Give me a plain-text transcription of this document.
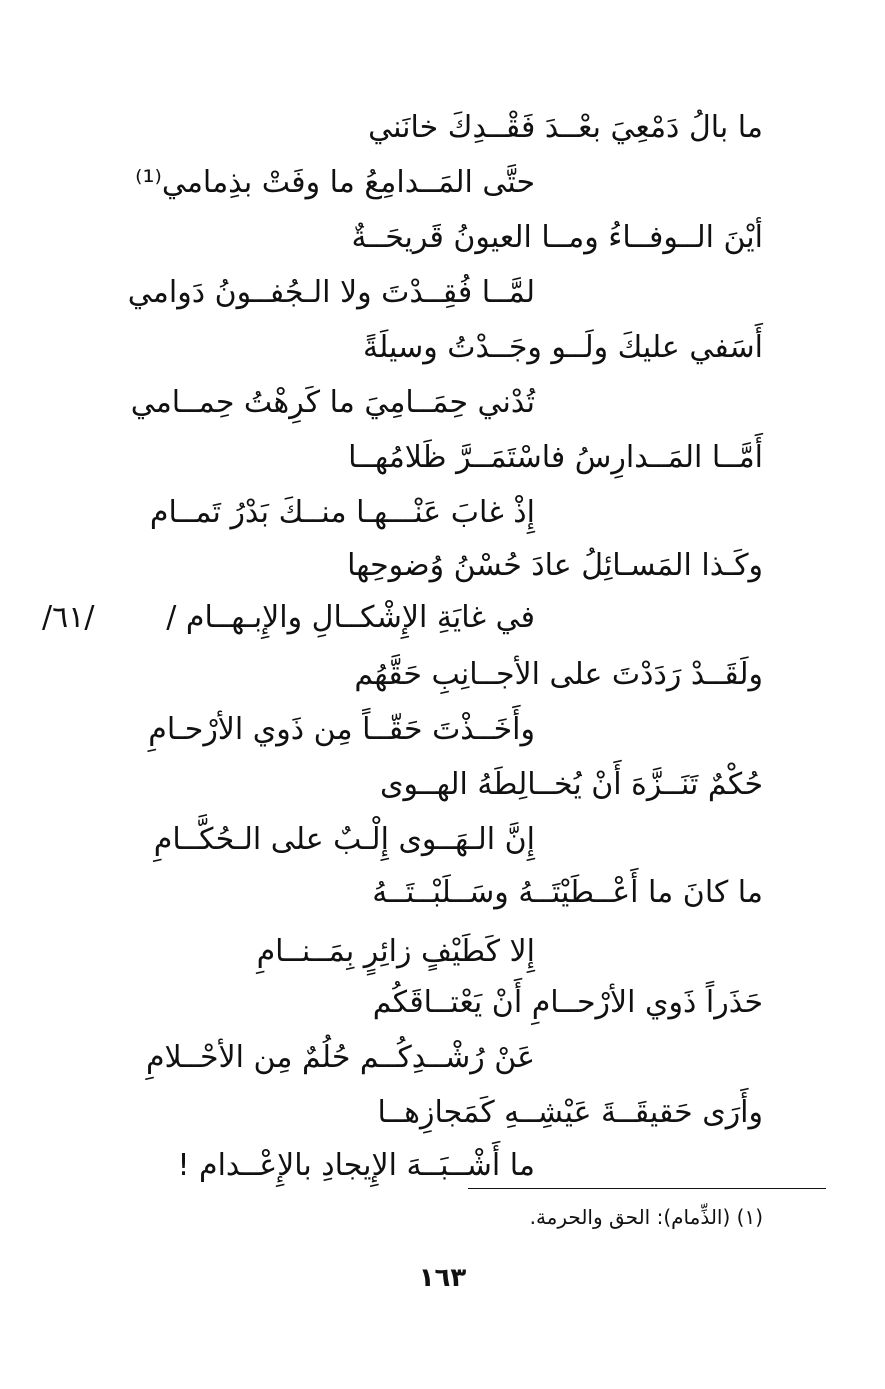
ما بالُ دَمْعِيَ بعْــدَ فَقْــدِكَ خانَني
حتَّى المَــدامِعُ ما وفَتْ بذِمامي⁽¹⁾
أيْنَ الــوفــاءُ ومــا العيونُ قَريحَــةٌ
لمَّــا فُقِــدْتَ ولا الـجُفــونُ دَوامي
أَسَفي عليكَ ولَــو وجَــدْتُ وسيلَةً
تُدْني حِمَــامِيَ ما كَرِهْتُ حِمــامي
أَمَّــا المَــدارِسُ فاسْتَمَــرَّ ظَلامُهــا
إِذْ غابَ عَنْـــهـا منــكَ بَدْرُ تَمــام
وكَـذا المَسـائِلُ عادَ حُسْنُ وُضوحِها
في غايَةِ الإِشْكــالِ والإِبـهــام /
/٦١/
ولَقَــدْ رَدَدْتَ على الأجــانِبِ حَقَّهُم
وأَخَــذْتَ حَقّــاً مِن ذَوي الأرْحـامِ
حُكْمٌ تَنَــزَّهَ أَنْ يُخــالِطَهُ الهــوى
إِنَّ الـهَــوى إِلْـبٌ على الـحُكَّــامِ
ما كانَ ما أَعْــطَيْتَــهُ وسَــلَبْــتَــهُ
إِلا كَطَيْفٍ زائِرٍ بِمَــنــامِ
حَذَراً ذَوي الأرْحــامِ أَنْ يَعْتــاقَكُم
عَنْ رُشْــدِكُــم حُلُمٌ مِن الأحْــلامِ
وأَرَى حَقيقَــةَ عَيْشِــهِ كَمَجازِهــا
ما أَشْــبَــهَ الإِيجادِ بالإِعْــدام !
(١) (الذِّمام): الحق والحرمة.
١٦٣
